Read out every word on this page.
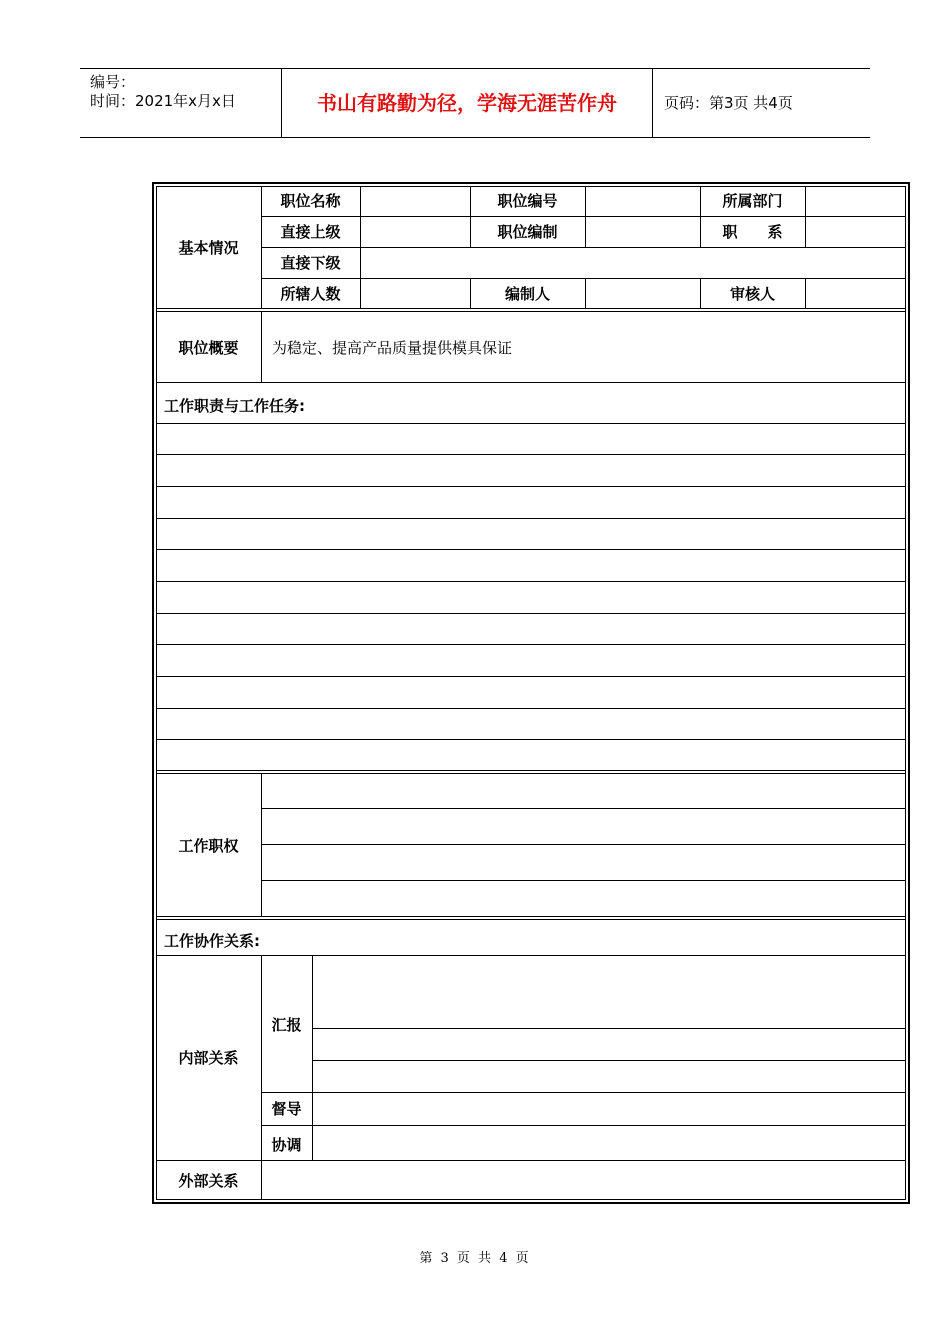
编号：
时间：2021年x月x日	书山有路勤为径，学海无涯苦作舟	页码：第3页 共4页
基本情况
职位名称	职位编号	所属部门
直接上级	职位编制	职　　系
直接下级
所辖人数	编制人	审核人
职位概要	为稳定、提高产品质量提供模具保证
工作职责与工作任务:
工作职权
工作协作关系:
内部关系
汇报
督导
协调
外部关系
第 3 页 共 4 页
